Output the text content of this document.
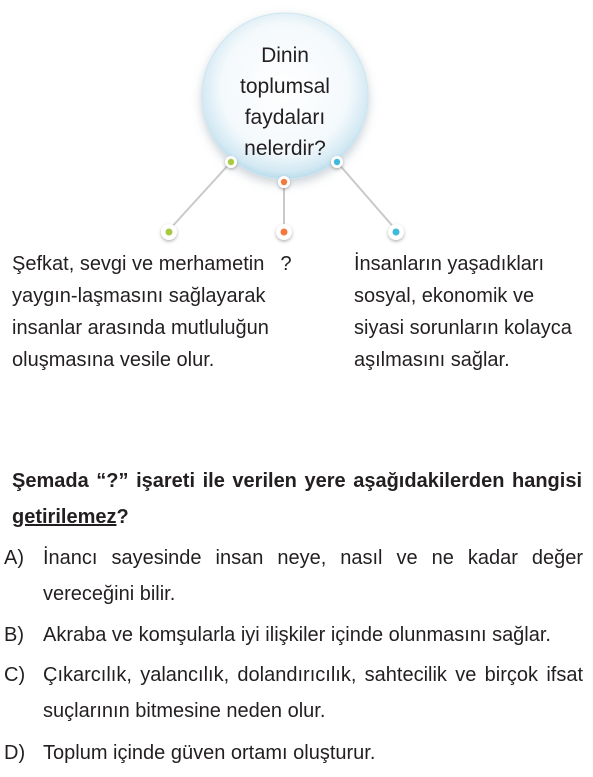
Dinin
toplumsal
faydaları
nelerdir?
Şefkat, sevgi ve merhametin yaygın-laşmasını sağlayarak insanlar arasında mutluluğun oluşmasına vesile olur.
?	İnsanların yaşadıkları sosyal, ekonomik ve siyasi sorunların kolayca aşılmasını sağlar.
Şemada “?” işareti ile verilen yere aşağıdakilerden hangisi getirilemez?
A) İnancı sayesinde insan neye, nasıl ve ne kadar değer vereceğini bilir.
B) Akraba ve komşularla iyi ilişkiler içinde olunmasını sağlar.
C) Çıkarcılık, yalancılık, dolandırıcılık, sahtecilik ve birçok ifsat suçlarının bitmesine neden olur.
D) Toplum içinde güven ortamı oluşturur.
